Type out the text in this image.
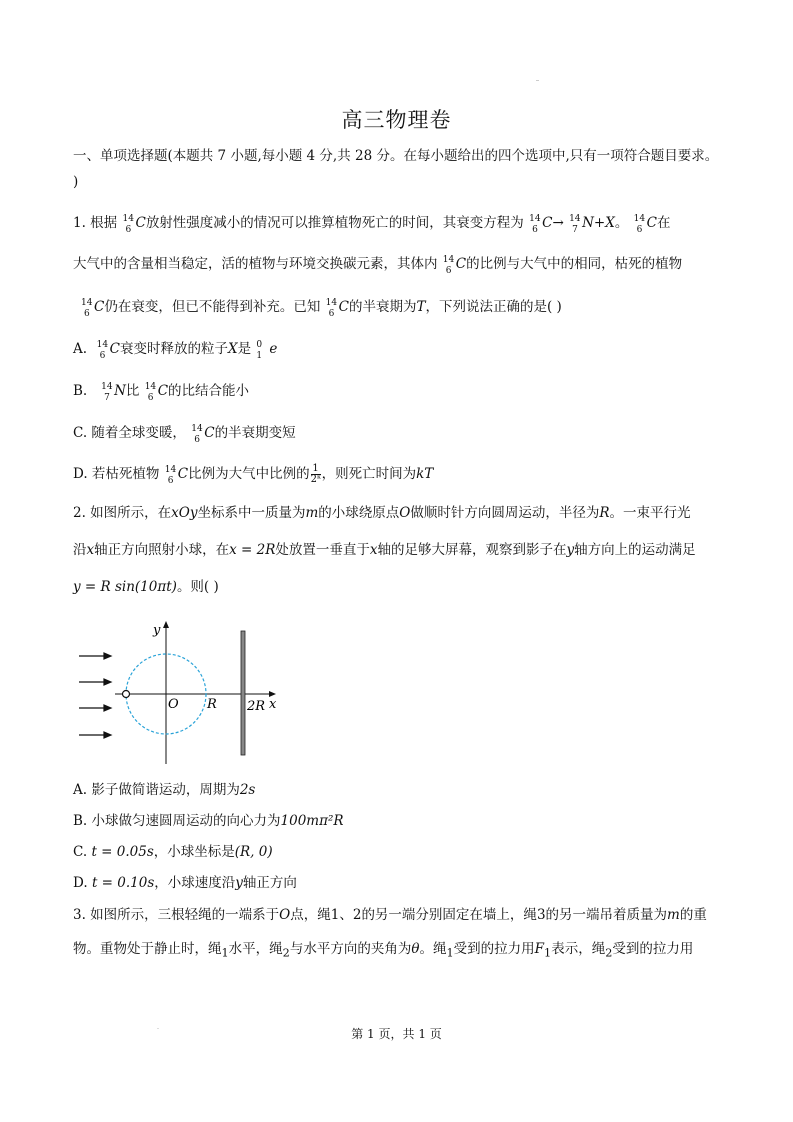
高三物理卷
一、单项选择题(本题共 7 小题,每小题 4 分,共 28 分。在每小题给出的四个选项中,只有一项符合题目要求。
)
1. 根据 14
6 C放射性强度减小的情况可以推算植物死亡的时间，其衰变方程为 14
6 C→ 14
7 N+X。 14
6 C在
大气中的含量相当稳定，活的植物与环境交换碳元素，其体内 14
6 C的比例与大气中的相同，枯死的植物
14
6 C仍在衰变，但已不能得到补充。已知 14
6 C的半衰期为T，下列说法正确的是( )
A. 14
6 C衰变时释放的粒子X是 0
1 e
B. 14
7 N比 14
6 C的比结合能小
C. 随着全球变暖， 14
6 C的半衰期变短
D. 若枯死植物 14
6 C比例为大气中比例的 $\frac{1}{\text{2ᵏ}}$ ，则死亡时间为kT
2. 如图所示，在xOy坐标系中一质量为m的小球绕原点O做顺时针方向圆周运动，半径为R。一束平行光
沿x轴正方向照射小球，在x = 2R处放置一垂直于x轴的足够大屏幕，观察到影子在y轴方向上的运动满足
y = R sin(10πt)。则( )
y
x
O R 2R
A. 影子做简谐运动，周期为2s
B. 小球做匀速圆周运动的向心力为100mπ²R
C. t = 0.05s，小球坐标是(R, 0)
D. t = 0.10s，小球速度沿y轴正方向
3. 如图所示，三根轻绳的一端系于O点，绳1、2的另一端分别固定在墙上，绳3的另一端吊着质量为m的重
物。重物处于静止时，绳$_1$水平，绳$_2$与水平方向的夹角为θ。绳$_1$受到的拉力用$F_1$表示，绳$_2$受到的拉力用
第 1 页，共 1 页
